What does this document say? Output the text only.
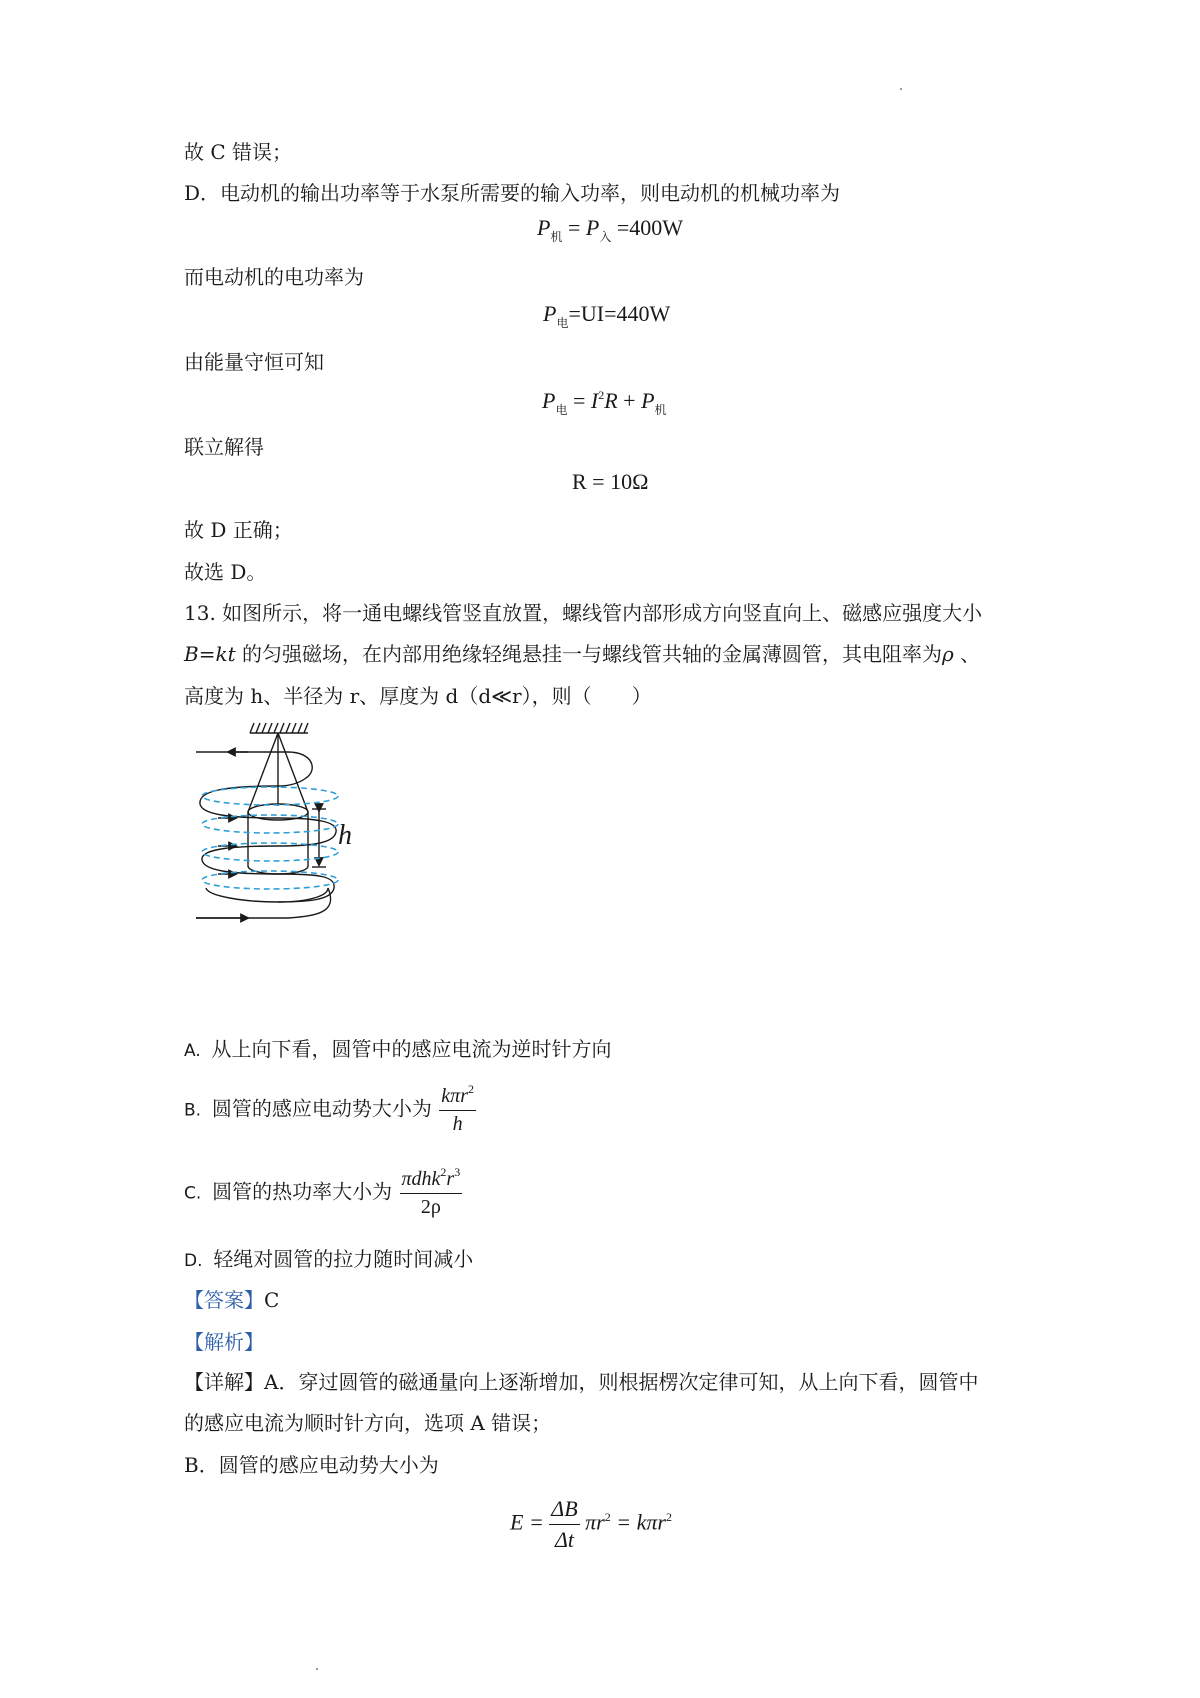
故 C 错误；
D．电动机的输出功率等于水泵所需要的输入功率，则电动机的机械功率为
$P_机 = P_入 =400W$
而电动机的电功率为
$P_电=UI=440W$
由能量守恒可知
$P_电 = I^2R + P_机$
联立解得
R = 10Ω
故 D 正确；
故选 D。
13. 如图所示，将一通电螺线管竖直放置，螺线管内部形成方向竖直向上、磁感应强度大小
B=kt 的匀强磁场，在内部用绝缘轻绳悬挂一与螺线管共轴的金属薄圆管，其电阻率为ρ 、
高度为 h、半径为 r、厚度为 d（d≪r），则（　　）
h
A. 从上向下看，圆管中的感应电流为逆时针方向
B. 圆管的感应电动势大小为 $\frac{k\pi r^2}{h}$
C. 圆管的热功率大小为 $\frac{\pi dhk^2r^3}{2\rho}$
D. 轻绳对圆管的拉力随时间减小
【答案】C
【解析】
【详解】A．穿过圆管的磁通量向上逐渐增加，则根据楞次定律可知，从上向下看，圆管中
的感应电流为顺时针方向，选项 A 错误；
B．圆管的感应电动势大小为
$E = \frac{\Delta B}{\Delta t} \pi r^2 = k\pi r^2$
